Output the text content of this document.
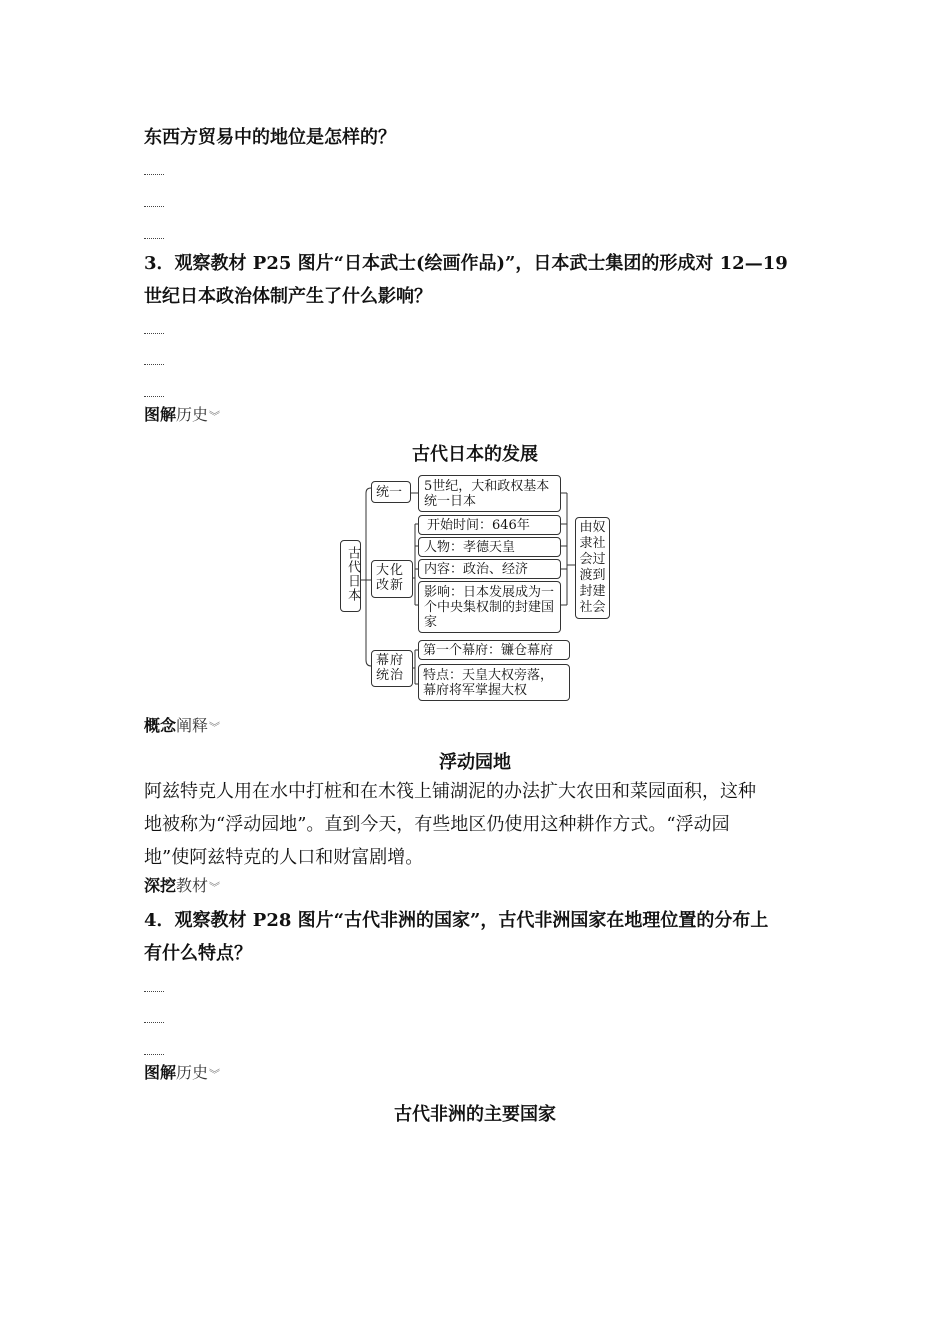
东西方贸易中的地位是怎样的？
3．观察教材 P25 图片“日本武士(绘画作品)”，日本武士集团的形成对 12—19
世纪日本政治体制产生了什么影响？
图解历史︾
古代日本的发展
古代日本
统一	5世纪，大和政权基本统一日本
大化改新
开始时间：646年
人物：孝德天皇
内容：政治、经济
影响：日本发展成为一个中央集权制的封建国家
幕府统治
第一个幕府：镰仓幕府
特点：天皇大权旁落，幕府将军掌握大权
由奴隶社会过渡到封建社会
概念阐释︾
浮动园地
阿兹特克人用在水中打桩和在木筏上铺湖泥的办法扩大农田和菜园面积，这种
地被称为“浮动园地”。直到今天，有些地区仍使用这种耕作方式。“浮动园
地”使阿兹特克的人口和财富剧增。
深挖教材︾
4．观察教材 P28 图片“古代非洲的国家”，古代非洲国家在地理位置的分布上
有什么特点？
图解历史︾
古代非洲的主要国家
